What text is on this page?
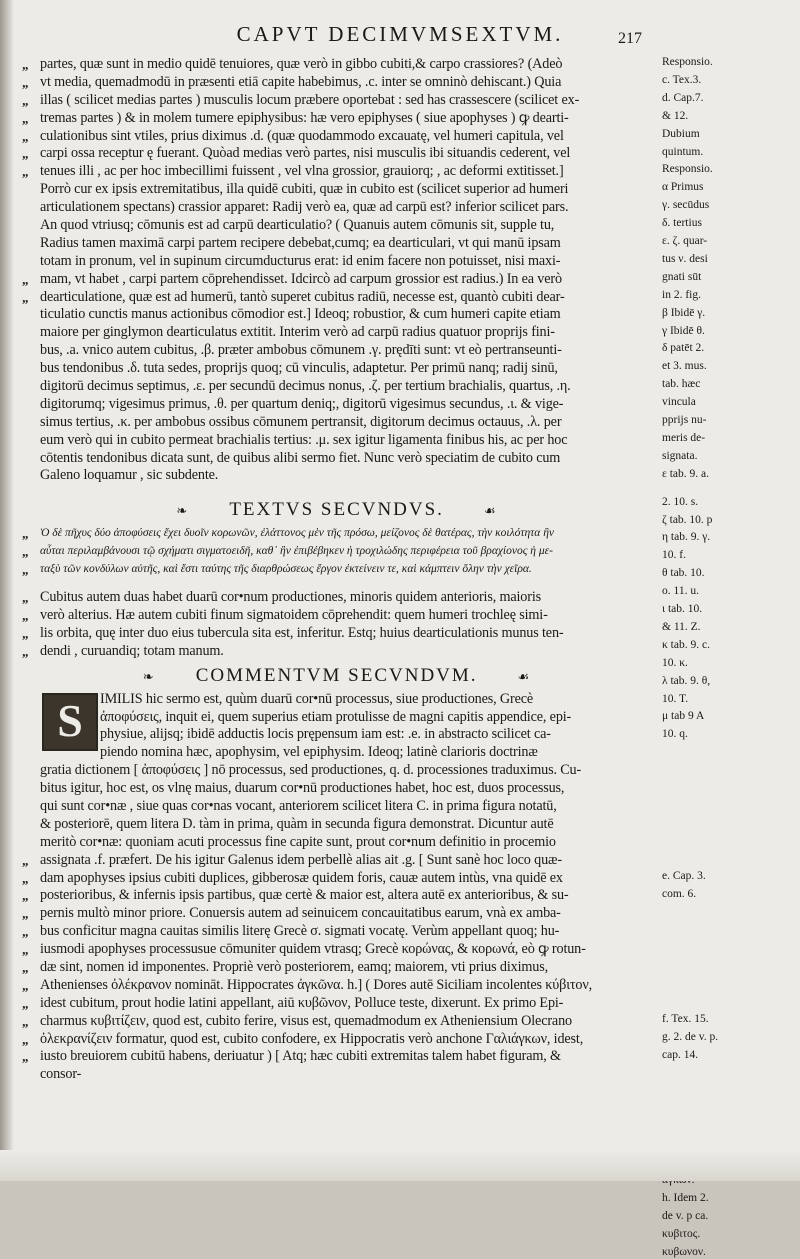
CAPVT DECIMVMSEXTVM.	217
„ partes, quæ sunt in medio quidē tenuiores, quæ verò in gibbo cubiti,& carpo crassiores? (Adeò
„ vt media, quemadmodū in præsenti etiā capite habebimus, .c. inter se omninò dehiscant.) Quia
„ illas ( scilicet medias partes ) musculis locum præbere oportebat : sed has crassescere (scilicet ex-
„ tremas partes ) & in molem tumere epiphysibus: hæ vero epiphyses ( siue apophyses ) ꝙ dearti-
„ culationibus sint vtiles, prius diximus .d. (quæ quodammodo excauatę, vel humeri capitula, vel
„ carpi ossa receptur ę fuerant. Quòad medias verò partes, nisi musculis ibi situandis cederent, vel
„ tenues illi , ac per hoc imbecillimi fuissent , vel vlna grossior, grauiorq; , ac deformi extitisset.]
Porrò cur ex ipsis extremitatibus, illa quidē cubiti, quæ in cubito est (scilicet superior ad humeri
articulationem spectans) crassior apparet: Radij verò ea, quæ ad carpū est? inferior scilicet pars.
An quod vtriusq; cōmunis est ad carpū dearticulatio? ( Quanuis autem cōmunis sit, supple tu,
Radius tamen maximā carpi partem recipere debebat,cumq; ea dearticulari, vt qui manū ipsam
totam in pronum, vel in supinum circumducturus erat: id enim facere non potuisset, nisi maxi-
„ mam, vt habet , carpi partem cōprehendisset. Idcircò ad carpum grossior est radius.) In ea verò
„ dearticulatione, quæ est ad humerū, tantò superet cubitus radiū, necesse est, quantò cubiti dear-
ticulatio cunctis manus actionibus cōmodior est.] Ideoq; robustior, & cum humeri capite etiam
maiore per ginglymon dearticulatus extitit. Interim verò ad carpū radius quatuor proprijs fini-
bus, .a. vnico autem cubitus, .β. præter ambobus cōmunem .γ. prędīti sunt: vt eò pertranseunti-
bus tendonibus .δ. tuta sedes, proprijs quoq; cū vinculis, adaptetur. Per primū nanq; radij sinū,
digitorū decimus septimus, .ε. per secundū decimus nonus, .ζ. per tertium brachialis, quartus, .η.
digitorumq; vigesimus primus, .θ. per quartum deniq;, digitorū vigesimus secundus, .ι. & vige-
simus tertius, .κ. per ambobus ossibus cōmunem pertransit, digitorum decimus octauus, .λ. per
eum verò qui in cubito permeat brachialis tertius: .μ. sex igitur ligamenta finibus his, ac per hoc
cōtentis tendonibus dicata sunt, de quibus alibi sermo fiet. Nunc verò speciatim de cubito cum
Galeno loquamur , sic subdente.
❧ TEXTVS SECVNDVS.	☙
„ Ὁ δὲ πῆχυς δύο ἀποφύσεις ἔχει δυοῖν κορωνῶν, ἐλάττονος μὲν τῆς πρόσω, μείζονος δὲ θατέρας, τὴν κοιλότητα ἣν
„ αὗται περιλαμβάνουσι τῷ σχήματι σιγματοειδῆ, καθ᾽ ἣν ἐπιβέβηκεν ἡ τροχιλώδης περιφέρεια τοῦ βραχίονος ἡ με-
„ ταξὺ τῶν κονδύλων αὐτῆς, καὶ ἔστι ταύτης τῆς διαρθρώσεως ἔργον ἐκτείνειν τε, καὶ κάμπτειν ὅλην τὴν χεῖρα.
„ Cubitus autem duas habet duarū cor•num productiones, minoris quidem anterioris, maioris
„ verò alterius. Hæ autem cubiti finum sigmatoidem cōprehendit: quem humeri trochleę simi-
„ lis orbita, quę inter duo eius tubercula sita est, inferitur. Estq; huius dearticulationis munus ten-
„ dendi , curuandiq; totam manum.
❧ COMMENTVM SECVNDVM.	☙
S	IMILIS hic sermo est, quùm duarū cor•nū processus, siue productiones, Grecè
ἀποφύσεις, inquit ei, quem superius etiam protulisse de magni capitis appendice, epi-
physiue, alijsq; ibidē adductis locis prępensum iam est: .e. in abstracto scilicet ca-
piendo nomina hæc, apophysim, vel epiphysim. Ideoq; latinè clarioris doctrinæ
gratia dictionem [ ἀποφύσεις ] nō processus, sed productiones, q. d. processiones traduximus. Cu-
bitus igitur, hoc est, os vlnę maius, duarum cor•nū productiones habet, hoc est, duos processus,
qui sunt cor•næ , siue quas cor•nas vocant, anteriorem scilicet litera C. in prima figura notatū,
& posteriorē, quem litera D. tàm in prima, quàm in secunda figura demonstrat. Dicuntur autē
meritò cor•næ: quoniam acuti processus fine capite sunt, prout cor•num definitio in procemio
„ assignata .f. præfert. De his igitur Galenus idem perbellè alias ait .g. [ Sunt sanè hoc loco quæ-
„ dam apophyses ipsius cubiti duplices, gibberosæ quidem foris, cauæ autem intùs, vna quidē ex
„ posterioribus, & infernis ipsis partibus, quæ certè & maior est, altera autē ex anterioribus, & su-
„ pernis multò minor priore. Conuersis autem ad seinuicem concauitatibus earum, vnà ex amba-
„ bus conficitur magna cauitas similis literę Grecè σ. sigmati vocatę. Verùm appellant quoq; hu-
„ iusmodi apophyses processusue cōmuniter quidem vtrasq; Grecè κορώνας, & κορωνά, eò ꝙ rotun-
„ dæ sint, nomen id imponentes. Propriè verò posteriorem, eamq; maiorem, vti prius diximus,
„ Athenienses ὀλέκρανον nomināt. Hippocrates ἀγκῶνα. h.] ( Dores autē Siciliam incolentes κύβιτον,
„ idest cubitum, prout hodie latini appellant, aiū κυβῶνον, Polluce teste, dixerunt. Ex primo Epi-
„ charmus κυβιτίζειν, quod est, cubito ferire, visus est, quemadmodum ex Atheniensium Olecrano
„ ὀλεκρανίζειν formatur, quod est, cubito confodere, ex Hippocratis verò anchone Γαλιάγκων, idest,
„ iusto breuiorem cubitū habens, deriuatur ) [ Atq; hæc cubiti extremitas talem habet figuram, &
consor-
Responsio.
c. Tex.3.
d. Cap.7.
& 12.
Dubium
quintum.
Responsio.
α Primus
γ. secūdus
δ. tertius
ε. ζ. quar-
tus ν. desi
gnati sūt
in 2. fig.
β Ibidē γ.
γ Ibidē θ.
δ patēt 2.
et 3. mus.
tab. hæc
vincula
pprijs nu-
meris de-
signata.
ε tab. 9. a.
2. 10. s.
ζ tab. 10. p
η tab. 9. γ.
10. f.
θ tab. 10.
o. 11. u.
ι tab. 10.
& 11. Z.
κ tab. 9. c.
10. κ.
λ tab. 9. θ,
10. T.
μ tab 9 A
10. q.
e. Cap. 3.
com. 6.
f. Tex. 15.
g. 2. de v. p.
cap. 14.
h. Idem 2.
de v. p ca.
κυβιτος.
κυβωνον.
